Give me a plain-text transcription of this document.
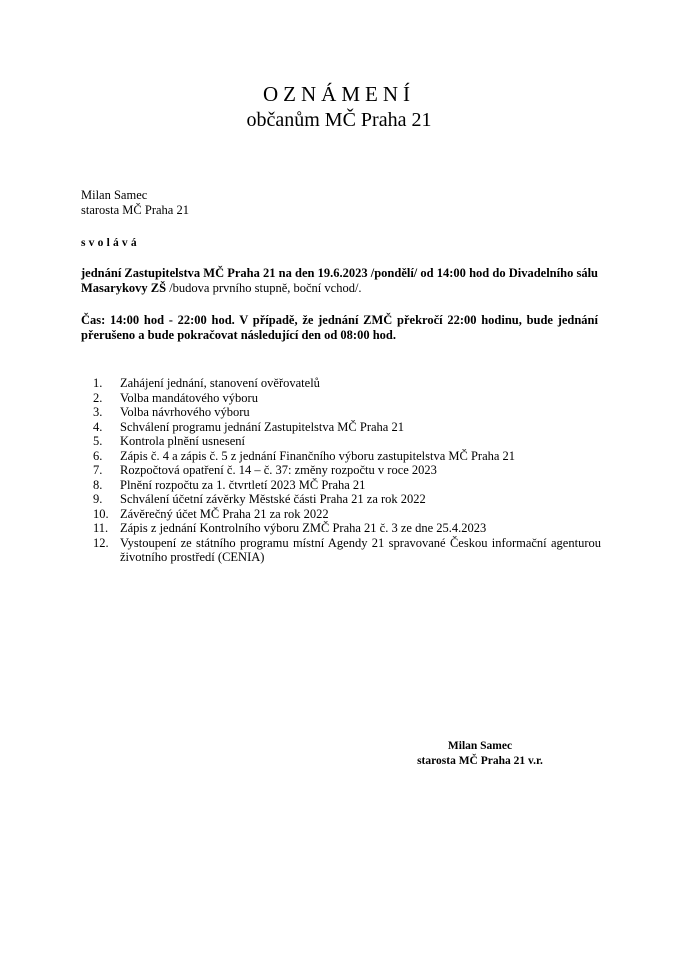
OZNÁMENÍ
občanům MČ Praha 21
Milan Samec
starosta MČ Praha 21
svolává
jednání Zastupitelstva MČ Praha 21 na den 19.6.2023 /pondělí/ od 14:00 hod do Divadelního sálu Masarykovy ZŠ /budova prvního stupně, boční vchod/.
Čas: 14:00 hod - 22:00 hod. V případě, že jednání ZMČ překročí 22:00 hodinu, bude jednání přerušeno a bude pokračovat následující den od 08:00 hod.
1. Zahájení jednání, stanovení ověřovatelů
2. Volba mandátového výboru
3. Volba návrhového výboru
4. Schválení programu jednání Zastupitelstva MČ Praha 21
5. Kontrola plnění usnesení
6. Zápis č. 4 a zápis č. 5 z jednání Finančního výboru zastupitelstva MČ Praha 21
7. Rozpočtová opatření č. 14 – č. 37: změny rozpočtu v roce 2023
8. Plnění rozpočtu za 1. čtvrtletí 2023 MČ Praha 21
9. Schválení účetní závěrky Městské části Praha 21 za rok 2022
10. Závěrečný účet MČ Praha 21 za rok 2022
11. Zápis z jednání Kontrolního výboru ZMČ Praha 21 č. 3 ze dne 25.4.2023
12. Vystoupení ze státního programu místní Agendy 21 spravované Českou informační agenturou životního prostředí (CENIA)
Milan Samec
starosta MČ Praha 21 v.r.
